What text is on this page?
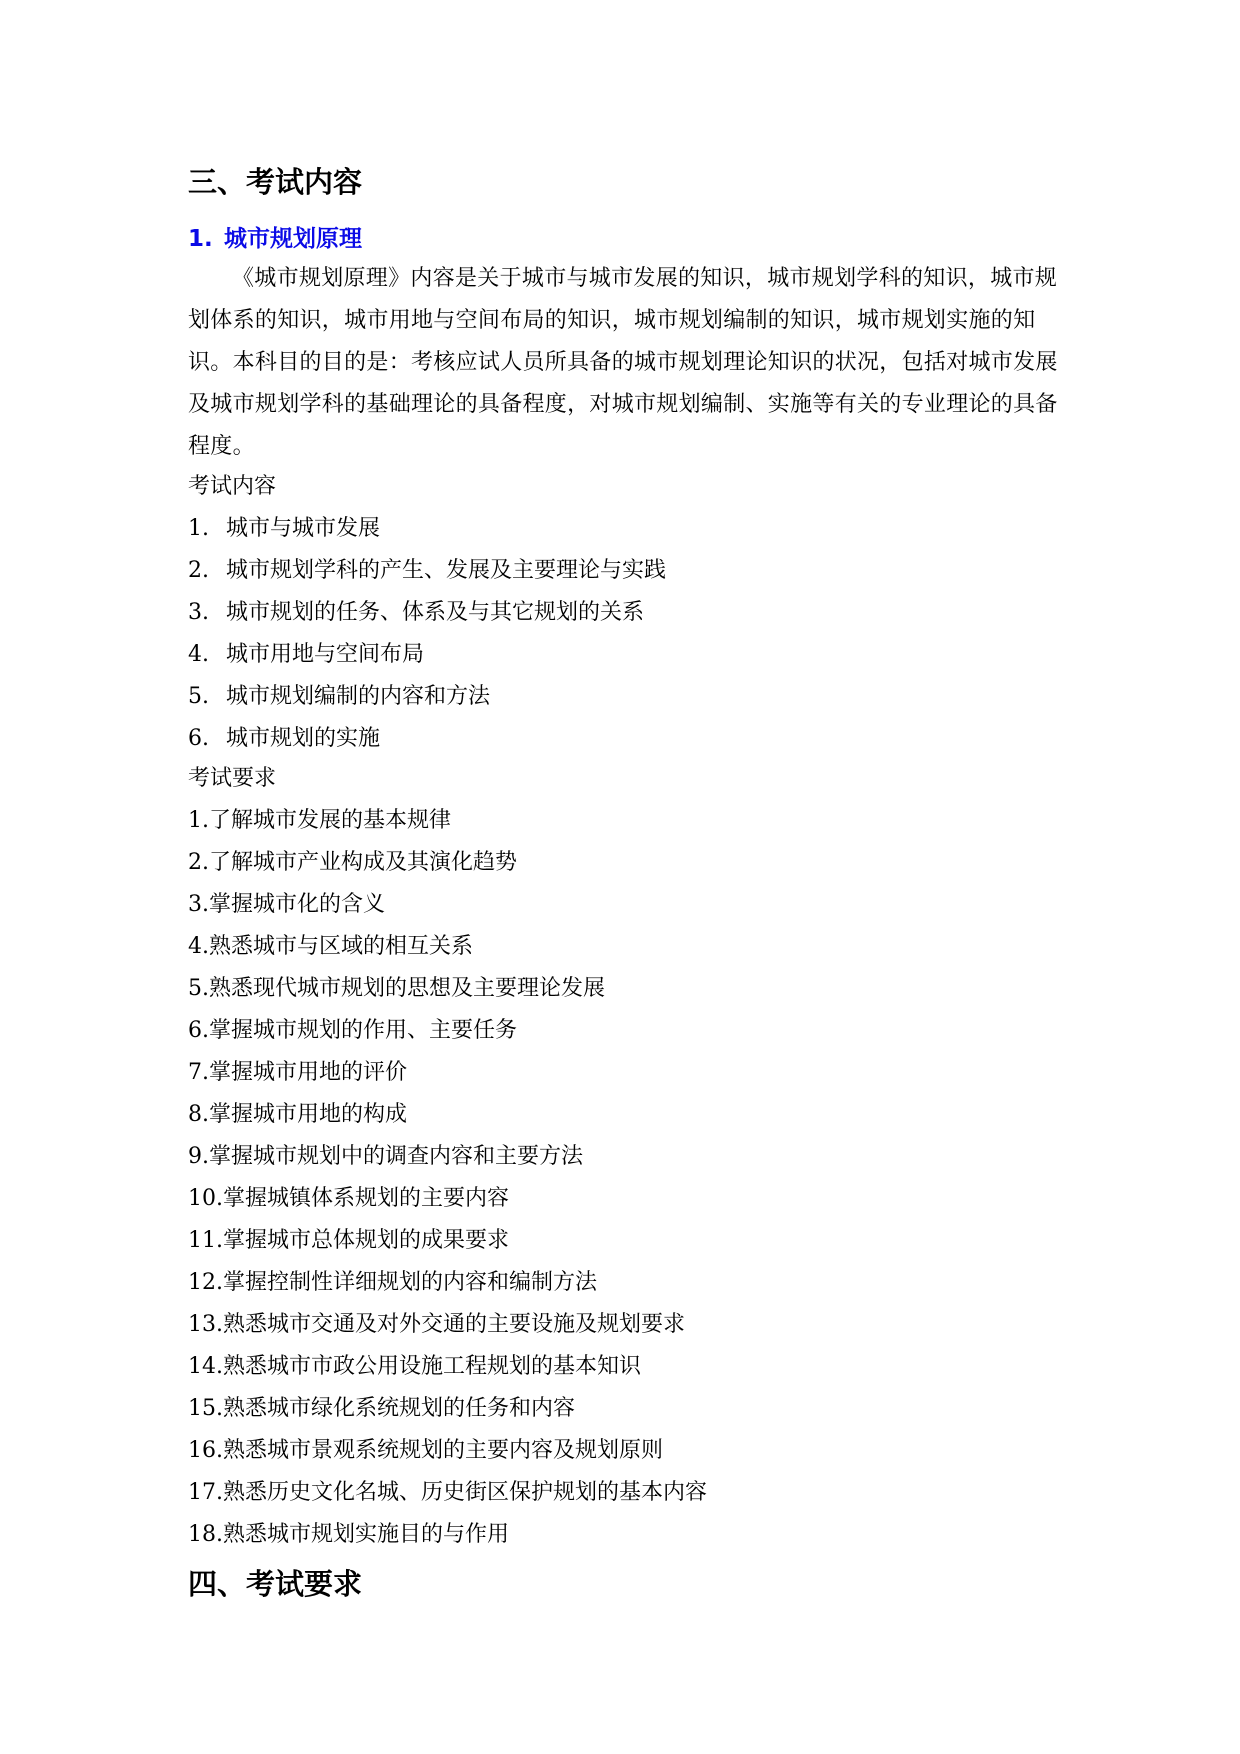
三、考试内容
1. 城市规划原理

《城市规划原理》内容是关于城市与城市发展的知识，城市规划学科的知识，城市规划体系的知识，城市用地与空间布局的知识，城市规划编制的知识，城市规划实施的知识。本科目的目的是：考核应试人员所具备的城市规划理论知识的状况，包括对城市发展及城市规划学科的基础理论的具备程度，对城市规划编制、实施等有关的专业理论的具备程度。

考试内容

1. 城市与城市发展
2. 城市规划学科的产生、发展及主要理论与实践
3. 城市规划的任务、体系及与其它规划的关系
4. 城市用地与空间布局
5. 城市规划编制的内容和方法
6. 城市规划的实施

考试要求

1.了解城市发展的基本规律
2.了解城市产业构成及其演化趋势
3.掌握城市化的含义
4.熟悉城市与区域的相互关系
5.熟悉现代城市规划的思想及主要理论发展
6.掌握城市规划的作用、主要任务
7.掌握城市用地的评价
8.掌握城市用地的构成
9.掌握城市规划中的调查内容和主要方法
10.掌握城镇体系规划的主要内容
11.掌握城市总体规划的成果要求
12.掌握控制性详细规划的内容和编制方法
13.熟悉城市交通及对外交通的主要设施及规划要求
14.熟悉城市市政公用设施工程规划的基本知识
15.熟悉城市绿化系统规划的任务和内容
16.熟悉城市景观系统规划的主要内容及规划原则
17.熟悉历史文化名城、历史街区保护规划的基本内容
18.熟悉城市规划实施目的与作用
四、考试要求
